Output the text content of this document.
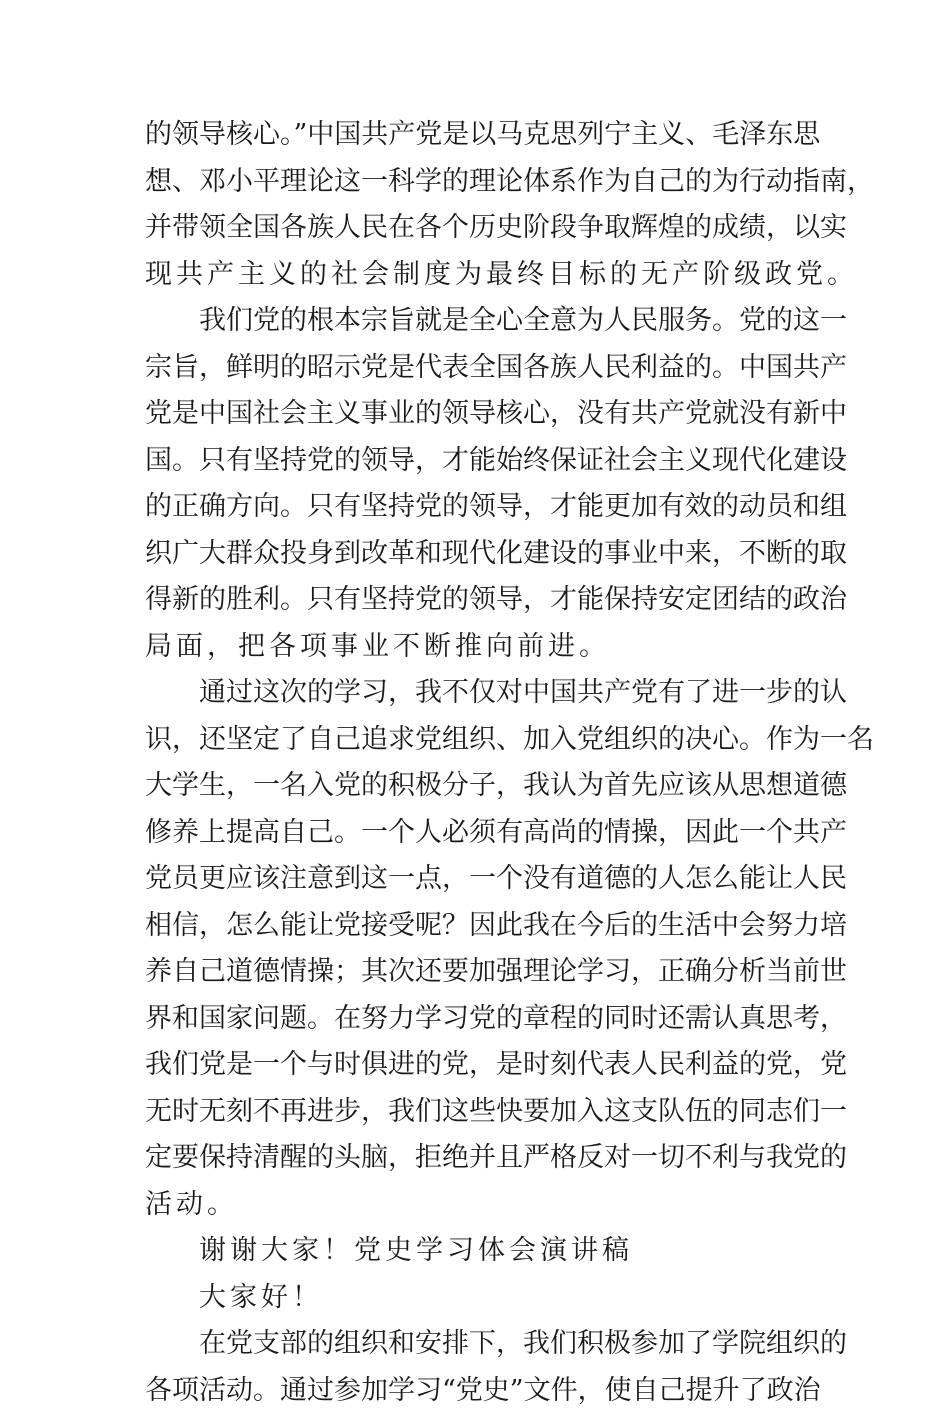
的领导核心。”中国共产党是以马克思列宁主义、毛泽东思
想、邓小平理论这一科学的理论体系作为自己的为行动指南，
并带领全国各族人民在各个历史阶段争取辉煌的成绩，以实
现共产主义的社会制度为最终目标的无产阶级政党。
我们党的根本宗旨就是全心全意为人民服务。党的这一
宗旨，鲜明的昭示党是代表全国各族人民利益的。中国共产
党是中国社会主义事业的领导核心，没有共产党就没有新中
国。只有坚持党的领导，才能始终保证社会主义现代化建设
的正确方向。只有坚持党的领导，才能更加有效的动员和组
织广大群众投身到改革和现代化建设的事业中来，不断的取
得新的胜利。只有坚持党的领导，才能保持安定团结的政治
局面，把各项事业不断推向前进。
通过这次的学习，我不仅对中国共产党有了进一步的认
识，还坚定了自己追求党组织、加入党组织的决心。作为一名
大学生，一名入党的积极分子，我认为首先应该从思想道德
修养上提高自己。一个人必须有高尚的情操，因此一个共产
党员更应该注意到这一点，一个没有道德的人怎么能让人民
相信，怎么能让党接受呢？因此我在今后的生活中会努力培
养自己道德情操；其次还要加强理论学习，正确分析当前世
界和国家问题。在努力学习党的章程的同时还需认真思考，
我们党是一个与时俱进的党，是时刻代表人民利益的党，党
无时无刻不再进步，我们这些快要加入这支队伍的同志们一
定要保持清醒的头脑，拒绝并且严格反对一切不利与我党的
活动。
谢谢大家！党史学习体会演讲稿
大家好！
在党支部的组织和安排下，我们积极参加了学院组织的
各项活动。通过参加学习“党史”文件，使自己提升了政治
